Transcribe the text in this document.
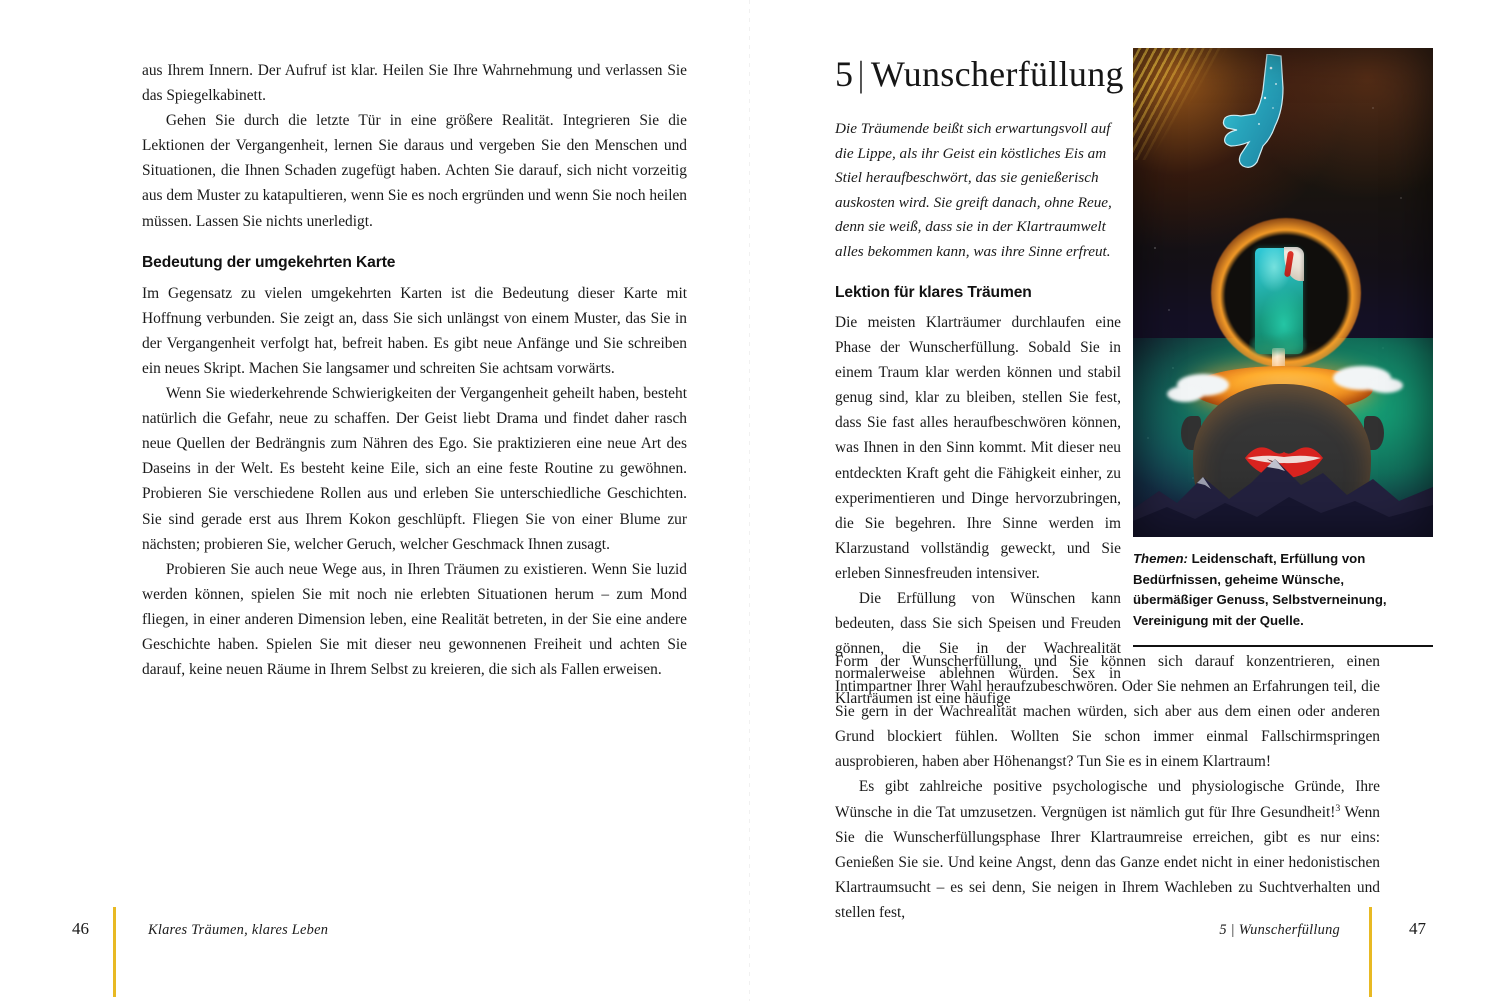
aus Ihrem Innern. Der Aufruf ist klar. Heilen Sie Ihre Wahrnehmung und verlassen Sie das Spiegelkabinett.

Gehen Sie durch die letzte Tür in eine größere Realität. Integrieren Sie die Lektionen der Vergangenheit, lernen Sie daraus und vergeben Sie den Menschen und Situationen, die Ihnen Schaden zugefügt haben. Achten Sie darauf, sich nicht vorzeitig aus dem Muster zu katapultieren, wenn Sie es noch ergründen und wenn Sie noch heilen müssen. Lassen Sie nichts unerledigt.

Bedeutung der umgekehrten Karte

Im Gegensatz zu vielen umgekehrten Karten ist die Bedeutung dieser Karte mit Hoffnung verbunden. Sie zeigt an, dass Sie sich unlängst von einem Muster, das Sie in der Vergangenheit verfolgt hat, befreit haben. Es gibt neue Anfänge und Sie schreiben ein neues Skript. Machen Sie langsamer und schreiten Sie achtsam vorwärts.

Wenn Sie wiederkehrende Schwierigkeiten der Vergangenheit geheilt haben, besteht natürlich die Gefahr, neue zu schaffen. Der Geist liebt Drama und findet daher rasch neue Quellen der Bedrängnis zum Nähren des Ego. Sie praktizieren eine neue Art des Daseins in der Welt. Es besteht keine Eile, sich an eine feste Routine zu gewöhnen. Probieren Sie verschiedene Rollen aus und erleben Sie unterschiedliche Geschichten. Sie sind gerade erst aus Ihrem Kokon geschlüpft. Fliegen Sie von einer Blume zur nächsten; probieren Sie, welcher Geruch, welcher Geschmack Ihnen zusagt.

Probieren Sie auch neue Wege aus, in Ihren Träumen zu existieren. Wenn Sie luzid werden können, spielen Sie mit noch nie erlebten Situationen herum – zum Mond fliegen, in einer anderen Dimension leben, eine Realität betreten, in der Sie eine andere Geschichte haben. Spielen Sie mit dieser neu gewonnenen Freiheit und achten Sie darauf, keine neuen Räume in Ihrem Selbst zu kreieren, die sich als Fallen erweisen.

46	Klares Träumen, klares Leben
5 | Wunscherfüllung

Die Träumende beißt sich erwartungsvoll auf die Lippe, als ihr Geist ein köstliches Eis am Stiel heraufbeschwört, das sie genießerisch auskosten wird. Sie greift danach, ohne Reue, denn sie weiß, dass sie in der Klartraumwelt alles bekommen kann, was ihre Sinne erfreut.

Lektion für klares Träumen

Die meisten Klarträumer durchlaufen eine Phase der Wunscherfüllung. Sobald Sie in einem Traum klar werden können und stabil genug sind, klar zu bleiben, stellen Sie fest, dass Sie fast alles heraufbeschwören können, was Ihnen in den Sinn kommt. Mit dieser neu entdeckten Kraft geht die Fähigkeit einher, zu experimentieren und Dinge hervorzubringen, die Sie begehren. Ihre Sinne werden im Klarzustand vollständig geweckt, und Sie erleben Sinnesfreuden intensiver.

Die Erfüllung von Wünschen kann bedeuten, dass Sie sich Speisen und Freuden gönnen, die Sie in der Wachrealität normalerweise ablehnen würden. Sex in Klarträumen ist eine häufige

Themen: Leidenschaft, Erfüllung von Bedürfnissen, geheime Wünsche, übermäßiger Genuss, Selbstverneinung, Vereinigung mit der Quelle.

Form der Wunscherfüllung, und Sie können sich darauf konzentrieren, einen Intimpartner Ihrer Wahl heraufzubeschwören. Oder Sie nehmen an Erfahrungen teil, die Sie gern in der Wachrealität machen würden, sich aber aus dem einen oder anderen Grund blockiert fühlen. Wollten Sie schon immer einmal Fallschirmspringen ausprobieren, haben aber Höhenangst? Tun Sie es in einem Klartraum!

Es gibt zahlreiche positive psychologische und physiologische Gründe, Ihre Wünsche in die Tat umzusetzen. Vergnügen ist nämlich gut für Ihre Gesundheit!$^3$ Wenn Sie die Wunscherfüllungsphase Ihrer Klartraumreise erreichen, gibt es nur eins: Genießen Sie sie. Und keine Angst, denn das Ganze endet nicht in einer hedonistischen Klartraumsucht – es sei denn, Sie neigen in Ihrem Wachleben zu Suchtverhalten und stellen fest,

5 | Wunscherfüllung	47
